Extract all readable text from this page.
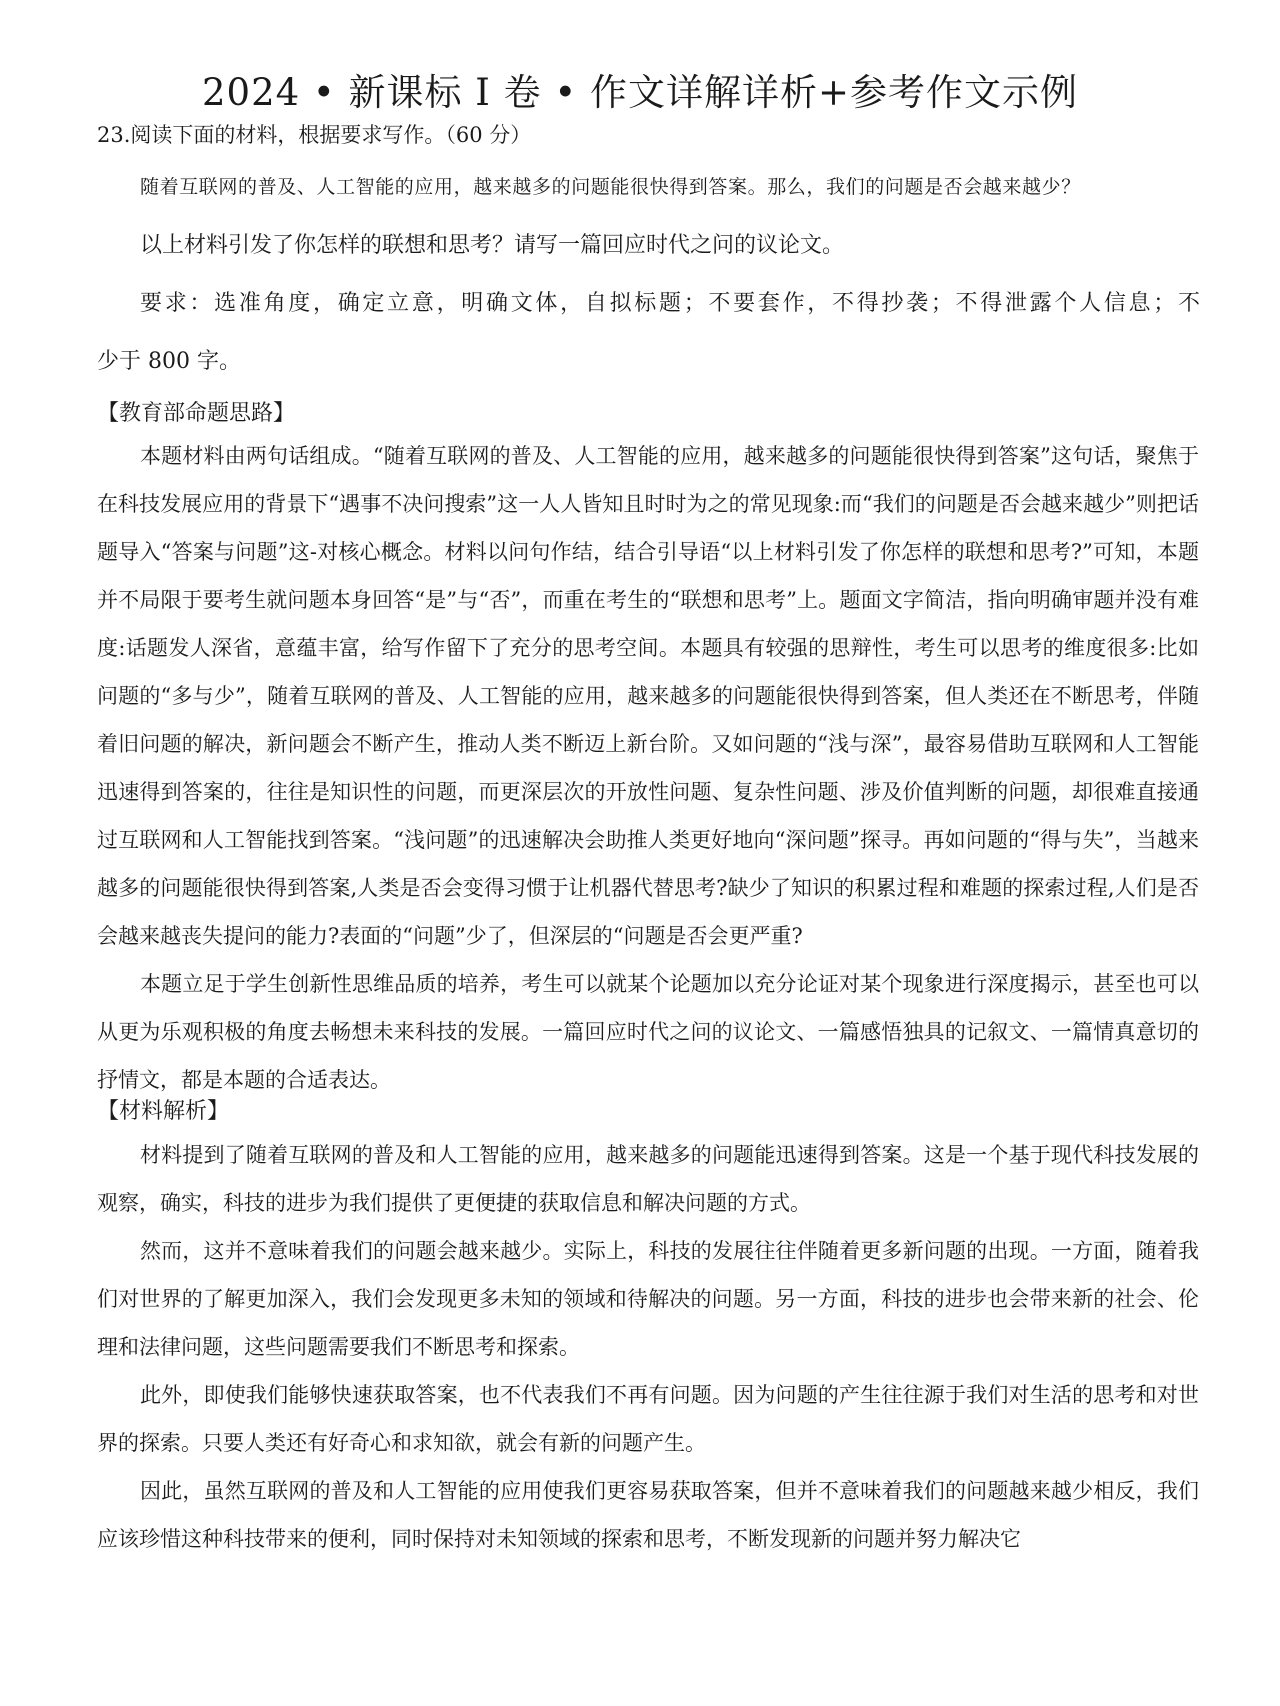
2024 • 新课标 I 卷 • 作文详解详析+参考作文示例
23.阅读下面的材料，根据要求写作。（60 分）
随着互联网的普及、人工智能的应用，越来越多的问题能很快得到答案。那么，我们的问题是否会越来越少？
以上材料引发了你怎样的联想和思考？请写一篇回应时代之问的议论文。
要求：选准角度，确定立意，明确文体，自拟标题；不要套作，不得抄袭；不得泄露个人信息；不
少于 800 字。
【教育部命题思路】

本题材料由两句话组成。“随着互联网的普及、人工智能的应用，越来越多的问题能很快得到答案”这句话，聚焦于在科技发展应用的背景下“遇事不决问搜索”这一人人皆知且时时为之的常见现象:而“我们的问题是否会越来越少”则把话题导入“答案与问题”这-对核心概念。材料以问句作结，结合引导语“以上材料引发了你怎样的联想和思考?”可知，本题并不局限于要考生就问题本身回答“是”与“否”，而重在考生的“联想和思考”上。题面文字简洁，指向明确审题并没有难度:话题发人深省，意蕴丰富，给写作留下了充分的思考空间。本题具有较强的思辩性，考生可以思考的维度很多:比如问题的“多与少”，随着互联网的普及、人工智能的应用，越来越多的问题能很快得到答案，但人类还在不断思考，伴随着旧问题的解决，新问题会不断产生，推动人类不断迈上新台阶。又如问题的“浅与深”，最容易借助互联网和人工智能迅速得到答案的，往往是知识性的问题，而更深层次的开放性问题、复杂性问题、涉及价值判断的问题，却很难直接通过互联网和人工智能找到答案。“浅问题”的迅速解决会助推人类更好地向“深问题”探寻。再如问题的“得与失”，当越来越多的问题能很快得到答案,人类是否会变得习惯于让机器代替思考?缺少了知识的积累过程和难题的探索过程,人们是否会越来越丧失提问的能力?表面的“问题”少了，但深层的“问题是否会更严重?

本题立足于学生创新性思维品质的培养，考生可以就某个论题加以充分论证对某个现象进行深度揭示，甚至也可以从更为乐观积极的角度去畅想未来科技的发展。一篇回应时代之问的议论文、一篇感悟独具的记叙文、一篇情真意切的抒情文，都是本题的合适表达。

【材料解析】

材料提到了随着互联网的普及和人工智能的应用，越来越多的问题能迅速得到答案。这是一个基于现代科技发展的观察，确实，科技的进步为我们提供了更便捷的获取信息和解决问题的方式。

然而，这并不意味着我们的问题会越来越少。实际上，科技的发展往往伴随着更多新问题的出现。一方面，随着我们对世界的了解更加深入，我们会发现更多未知的领域和待解决的问题。另一方面，科技的进步也会带来新的社会、伦理和法律问题，这些问题需要我们不断思考和探索。

此外，即使我们能够快速获取答案，也不代表我们不再有问题。因为问题的产生往往源于我们对生活的思考和对世界的探索。只要人类还有好奇心和求知欲，就会有新的问题产生。

因此，虽然互联网的普及和人工智能的应用使我们更容易获取答案，但并不意味着我们的问题越来越少相反，我们应该珍惜这种科技带来的便利，同时保持对未知领域的探索和思考，不断发现新的问题并努力解决它
